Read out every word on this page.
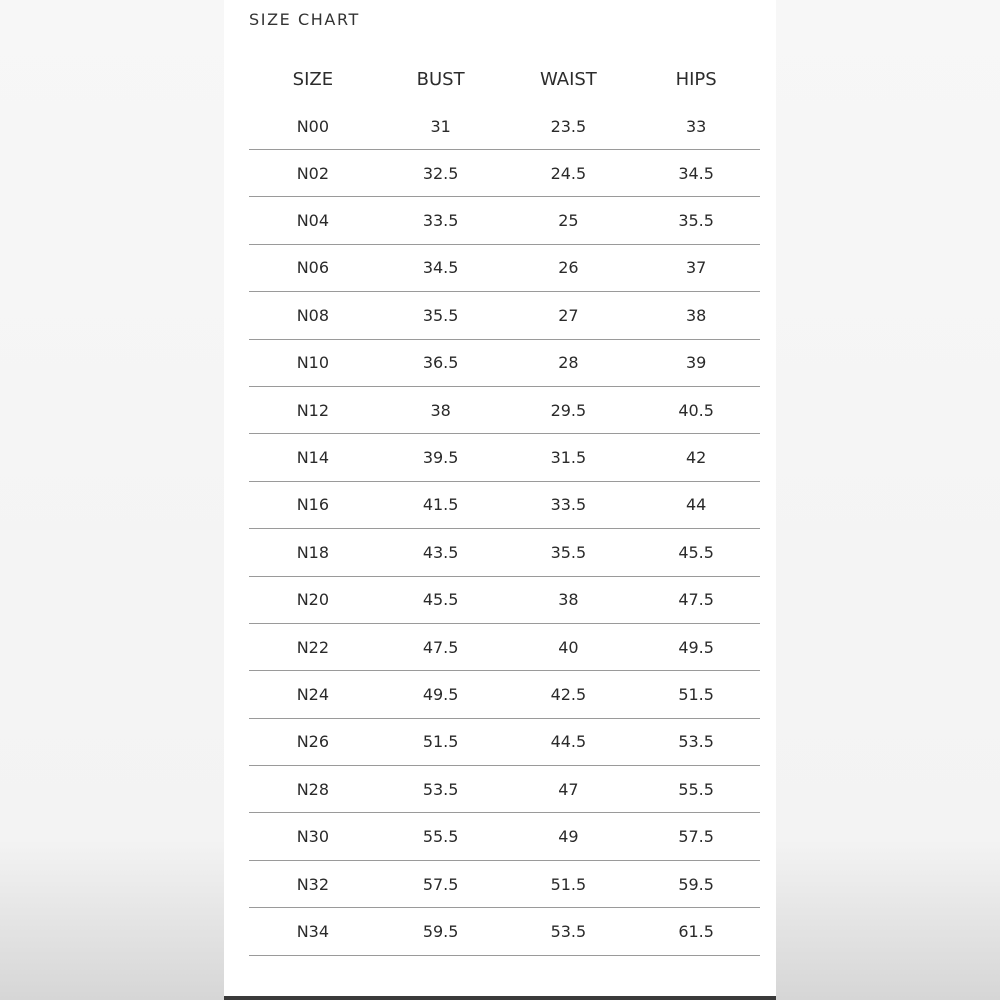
SIZE CHART
SIZE	BUST	WAIST	HIPS
N00	31	23.5	33
N02	32.5	24.5	34.5
N04	33.5	25	35.5
N06	34.5	26	37
N08	35.5	27	38
N10	36.5	28	39
N12	38	29.5	40.5
N14	39.5	31.5	42
N16	41.5	33.5	44
N18	43.5	35.5	45.5
N20	45.5	38	47.5
N22	47.5	40	49.5
N24	49.5	42.5	51.5
N26	51.5	44.5	53.5
N28	53.5	47	55.5
N30	55.5	49	57.5
N32	57.5	51.5	59.5
N34	59.5	53.5	61.5
